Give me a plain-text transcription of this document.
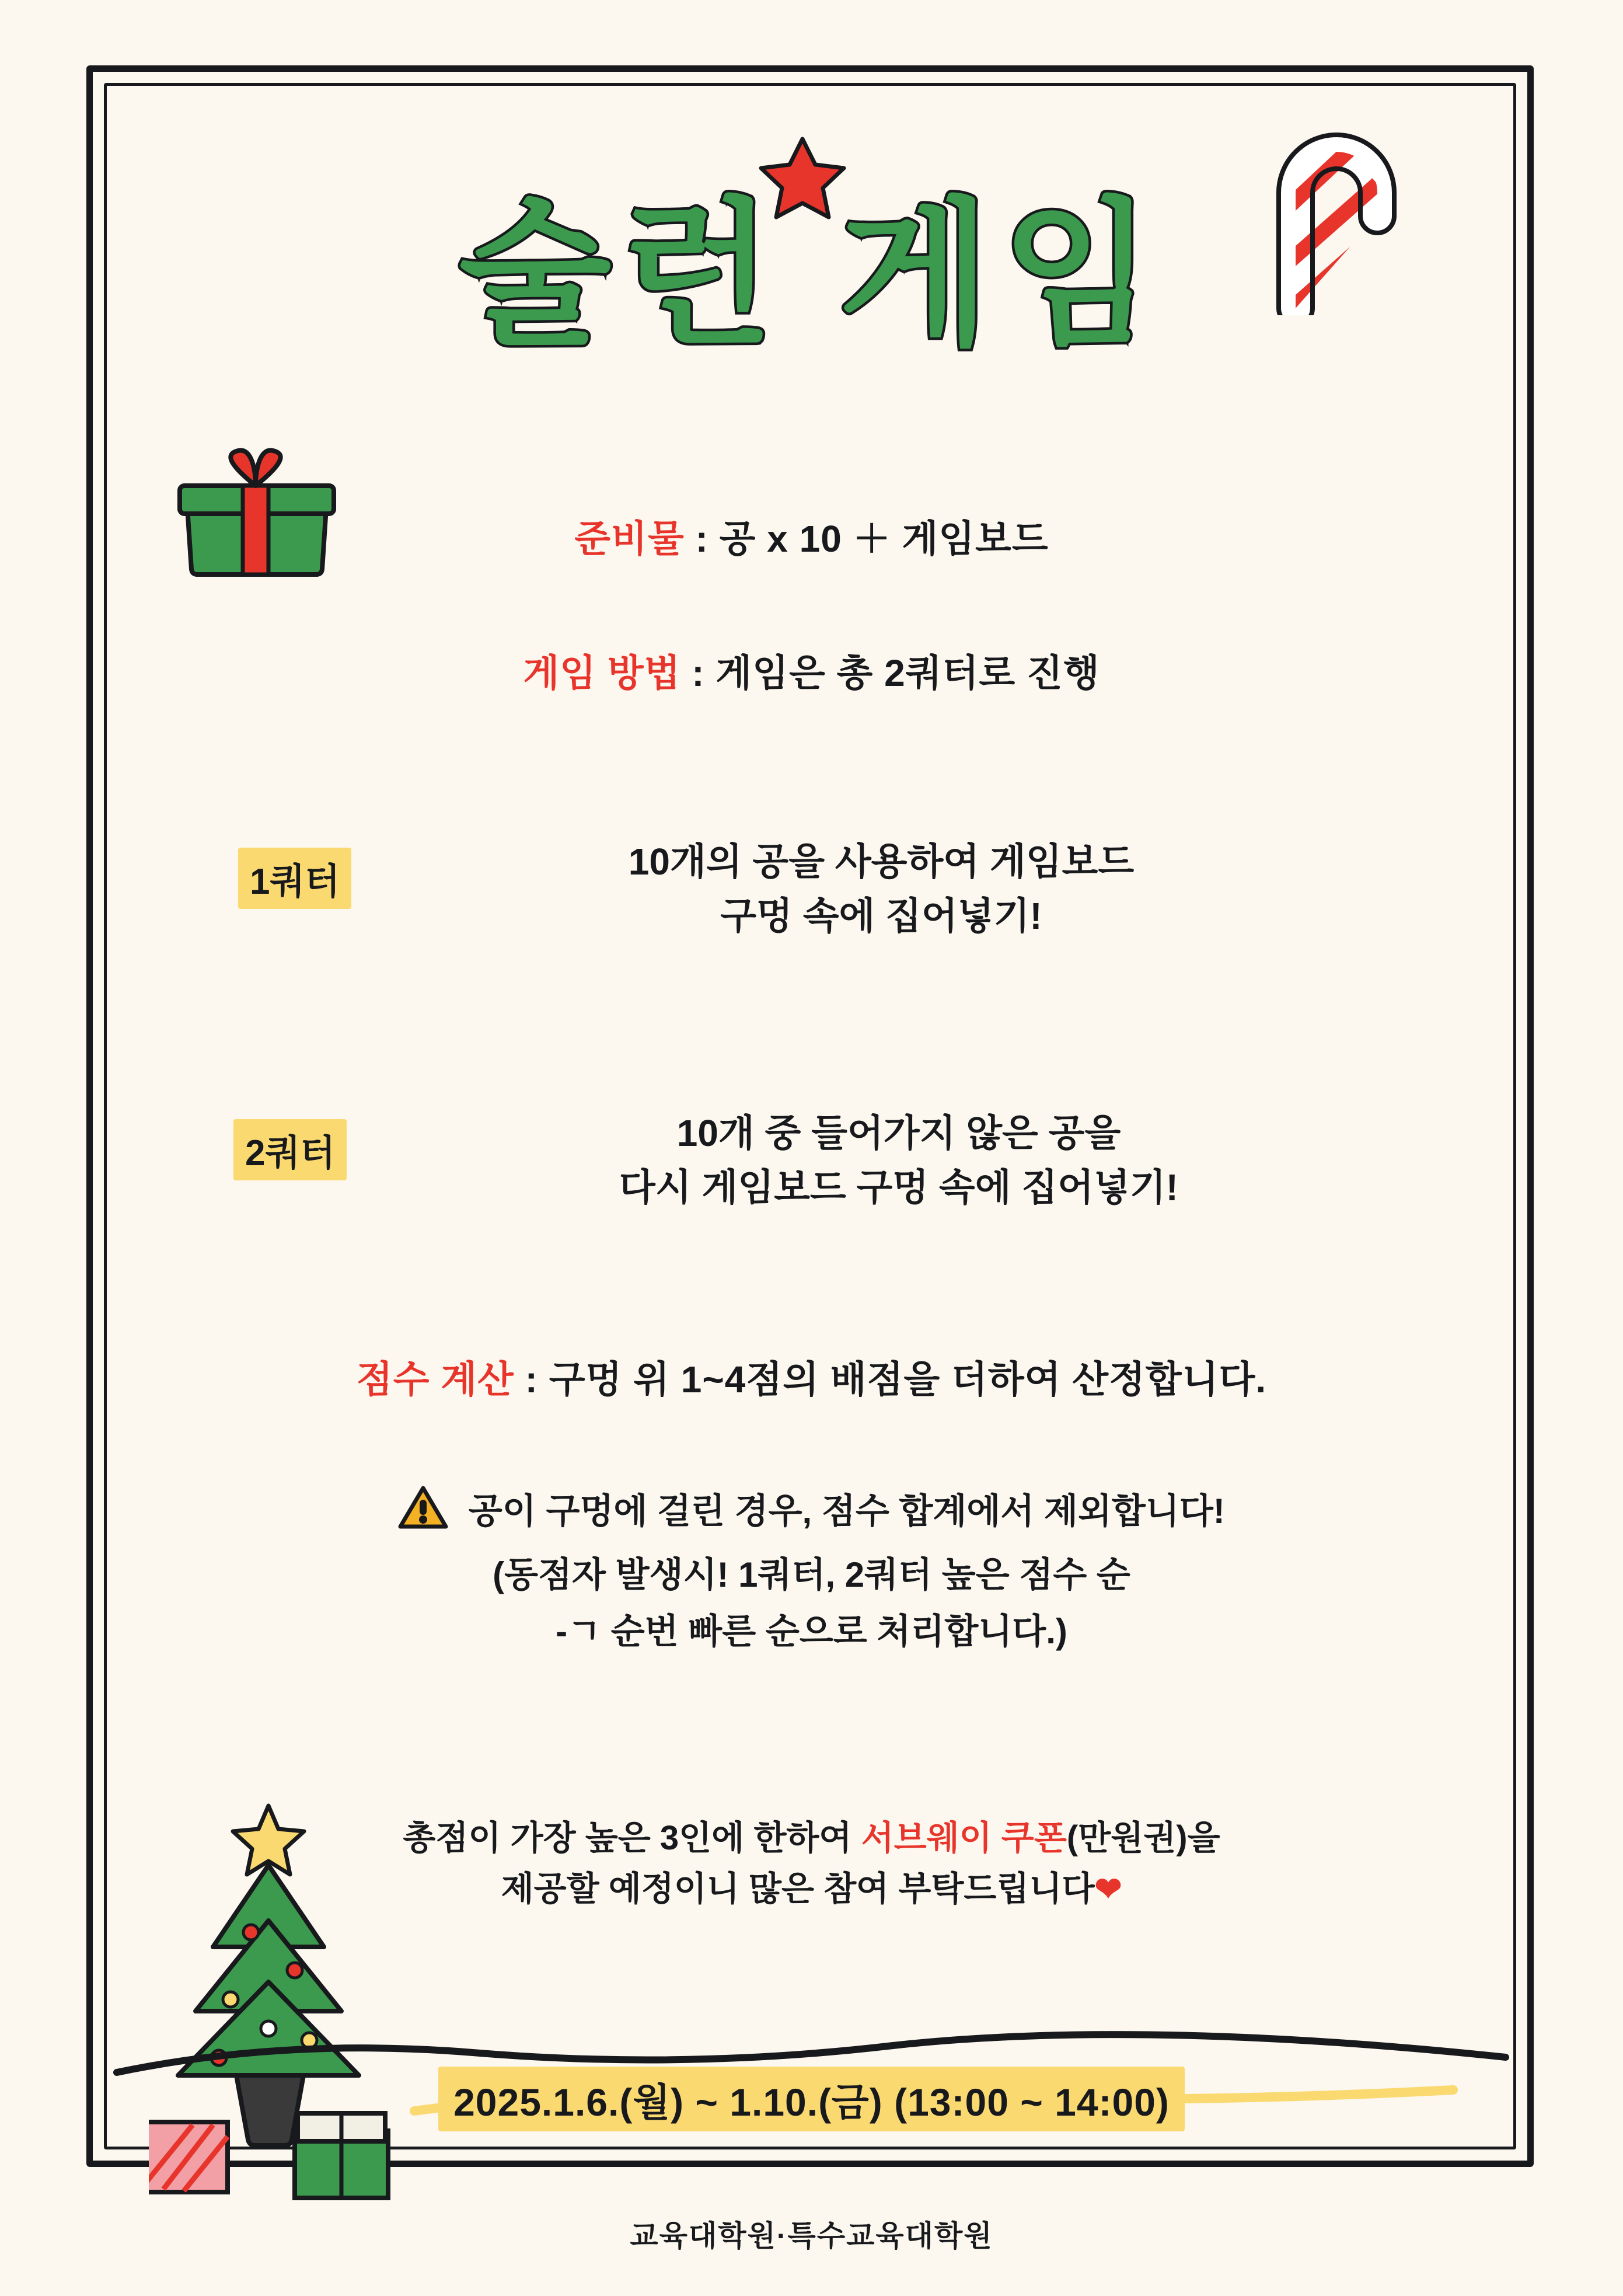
술런 게임
준비물 : 공 x 10 ＋ 게임보드
게임 방법 : 게임은 총 2쿼터로 진행
1쿼터	10개의 공을 사용하여 게임보드
구멍 속에 집어넣기!
2쿼터	10개 중 들어가지 않은 공을
다시 게임보드 구멍 속에 집어넣기!
점수 계산 : 구멍 위 1~4점의 배점을 더하여 산정합니다.
공이 구멍에 걸린 경우, 점수 합계에서 제외합니다!
(동점자 발생시! 1쿼터, 2쿼터 높은 점수 순
-ㄱ 순번 빠른 순으로 처리합니다.)
총점이 가장 높은 3인에 한하여 서브웨이 쿠폰(만원권)을
제공할 예정이니 많은 참여 부탁드립니다❤
2025.1.6.(월) ~ 1.10.(금) (13:00 ~ 14:00)
교육대학원·특수교육대학원
